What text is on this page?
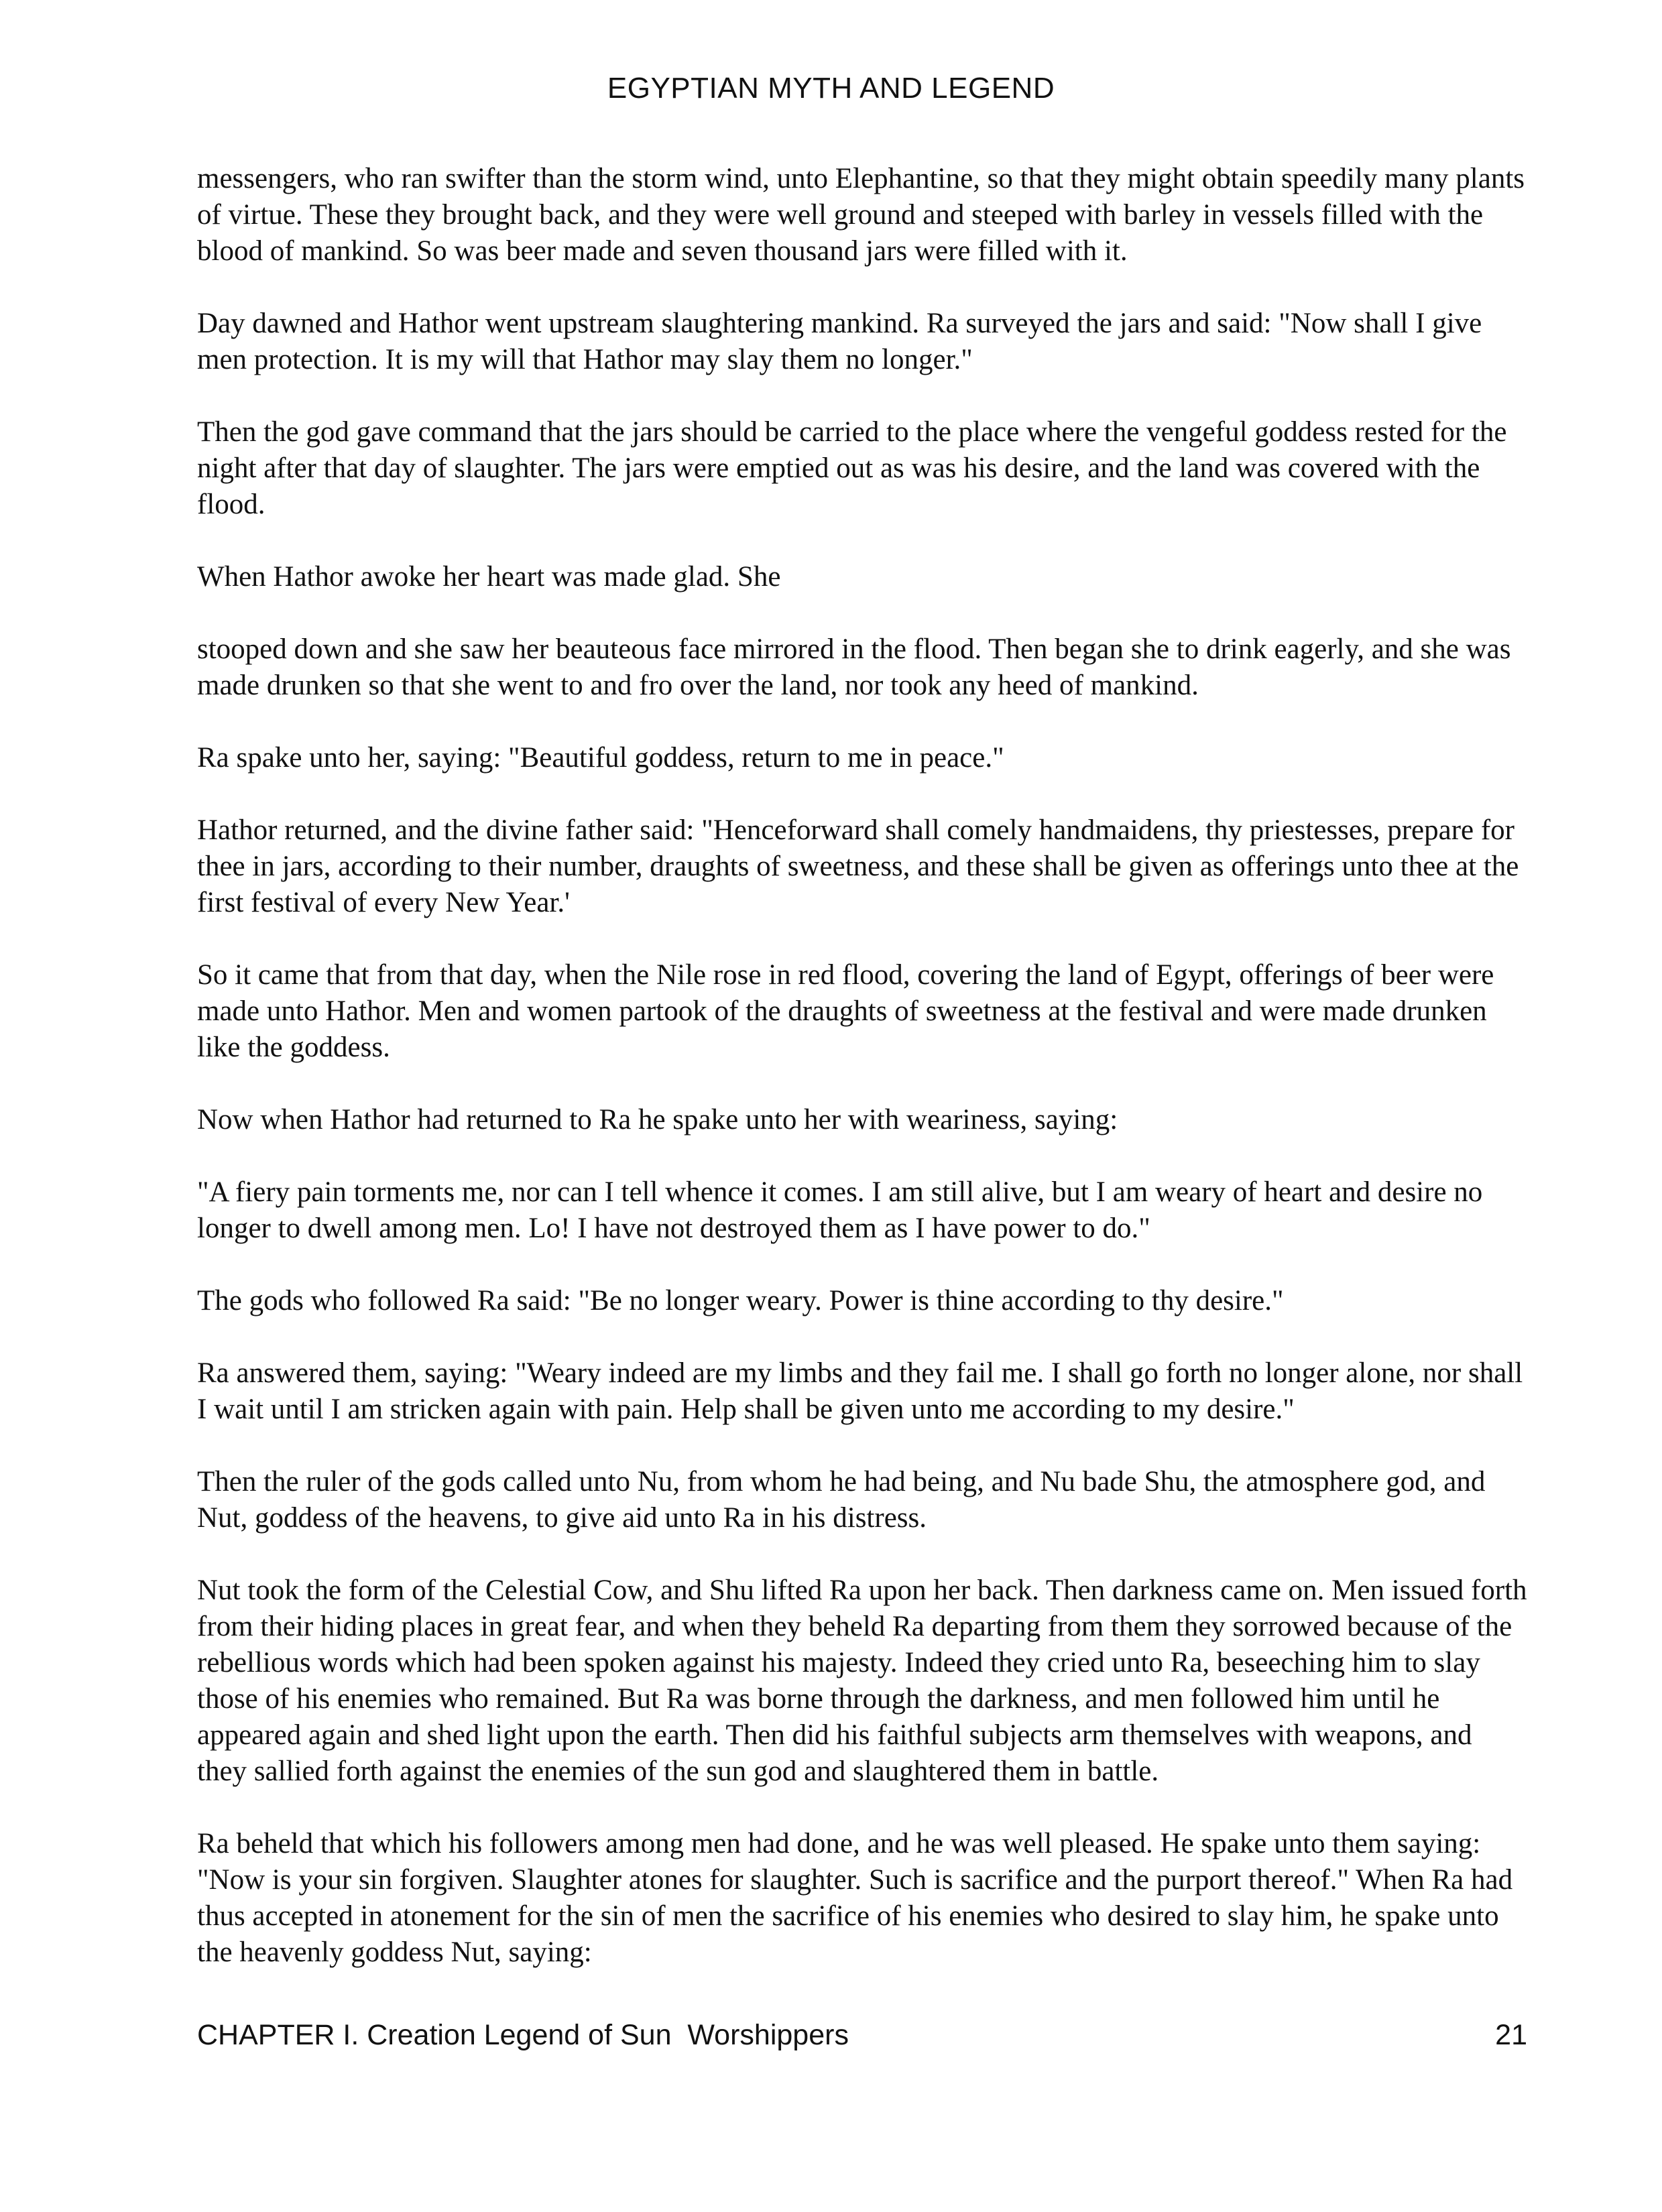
EGYPTIAN MYTH AND LEGEND

messengers, who ran swifter than the storm wind, unto Elephantine, so that they might obtain speedily many plants of virtue. These they brought back, and they were well ground and steeped with barley in vessels filled with the blood of mankind. So was beer made and seven thousand jars were filled with it.

Day dawned and Hathor went upstream slaughtering mankind. Ra surveyed the jars and said: "Now shall I give men protection. It is my will that Hathor may slay them no longer."

Then the god gave command that the jars should be carried to the place where the vengeful goddess rested for the night after that day of slaughter. The jars were emptied out as was his desire, and the land was covered with the flood.

When Hathor awoke her heart was made glad. She

stooped down and she saw her beauteous face mirrored in the flood. Then began she to drink eagerly, and she was made drunken so that she went to and fro over the land, nor took any heed of mankind.

Ra spake unto her, saying: "Beautiful goddess, return to me in peace."

Hathor returned, and the divine father said: "Henceforward shall comely handmaidens, thy priestesses, prepare for thee in jars, according to their number, draughts of sweetness, and these shall be given as offerings unto thee at the first festival of every New Year.'

So it came that from that day, when the Nile rose in red flood, covering the land of Egypt, offerings of beer were made unto Hathor. Men and women partook of the draughts of sweetness at the festival and were made drunken like the goddess.

Now when Hathor had returned to Ra he spake unto her with weariness, saying:

"A fiery pain torments me, nor can I tell whence it comes. I am still alive, but I am weary of heart and desire no longer to dwell among men. Lo! I have not destroyed them as I have power to do."

The gods who followed Ra said: "Be no longer weary. Power is thine according to thy desire."

Ra answered them, saying: "Weary indeed are my limbs and they fail me. I shall go forth no longer alone, nor shall I wait until I am stricken again with pain. Help shall be given unto me according to my desire."

Then the ruler of the gods called unto Nu, from whom he had being, and Nu bade Shu, the atmosphere god, and Nut, goddess of the heavens, to give aid unto Ra in his distress.

Nut took the form of the Celestial Cow, and Shu lifted Ra upon her back. Then darkness came on. Men issued forth from their hiding places in great fear, and when they beheld Ra departing from them they sorrowed because of the rebellious words which had been spoken against his majesty. Indeed they cried unto Ra, beseeching him to slay those of his enemies who remained. But Ra was borne through the darkness, and men followed him until he appeared again and shed light upon the earth. Then did his faithful subjects arm themselves with weapons, and they sallied forth against the enemies of the sun god and slaughtered them in battle.

Ra beheld that which his followers among men had done, and he was well pleased. He spake unto them saying: "Now is your sin forgiven. Slaughter atones for slaughter. Such is sacrifice and the purport thereof." When Ra had thus accepted in atonement for the sin of men the sacrifice of his enemies who desired to slay him, he spake unto the heavenly goddess Nut, saying:

CHAPTER I. Creation Legend of Sun  Worshippers	21
